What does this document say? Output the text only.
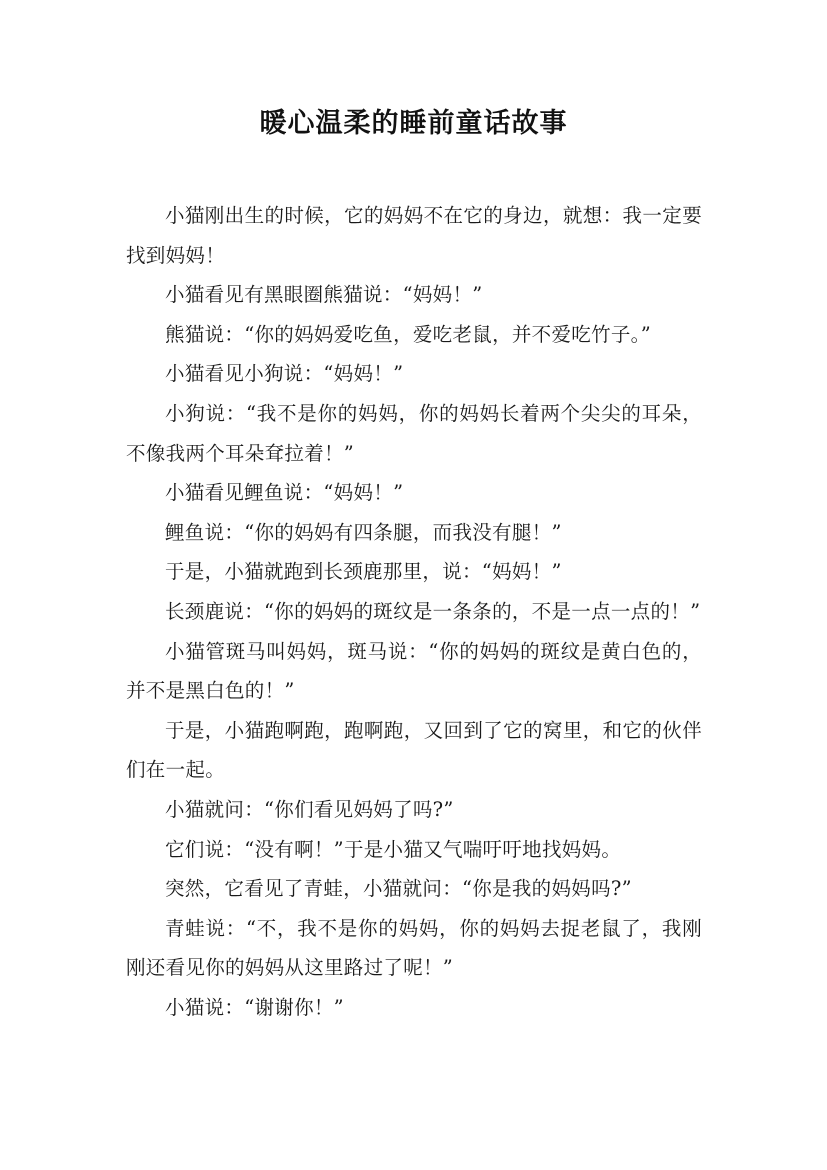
暖心温柔的睡前童话故事

小猫刚出生的时候，它的妈妈不在它的身边，就想：我一定要找到妈妈！

小猫看见有黑眼圈熊猫说：“妈妈！”

熊猫说：“你的妈妈爱吃鱼，爱吃老鼠，并不爱吃竹子。”

小猫看见小狗说：“妈妈！”

小狗说：“我不是你的妈妈，你的妈妈长着两个尖尖的耳朵，不像我两个耳朵耷拉着！”

小猫看见鲤鱼说：“妈妈！”

鲤鱼说：“你的妈妈有四条腿，而我没有腿！”

于是，小猫就跑到长颈鹿那里，说：“妈妈！”

长颈鹿说：“你的妈妈的斑纹是一条条的，不是一点一点的！”

小猫管斑马叫妈妈，斑马说：“你的妈妈的斑纹是黄白色的，并不是黑白色的！”

于是，小猫跑啊跑，跑啊跑，又回到了它的窝里，和它的伙伴们在一起。

小猫就问：“你们看见妈妈了吗?”

它们说：“没有啊！”于是小猫又气喘吁吁地找妈妈。

突然，它看见了青蛙，小猫就问：“你是我的妈妈吗?”

青蛙说：“不，我不是你的妈妈，你的妈妈去捉老鼠了，我刚刚还看见你的妈妈从这里路过了呢！”

小猫说：“谢谢你！”
